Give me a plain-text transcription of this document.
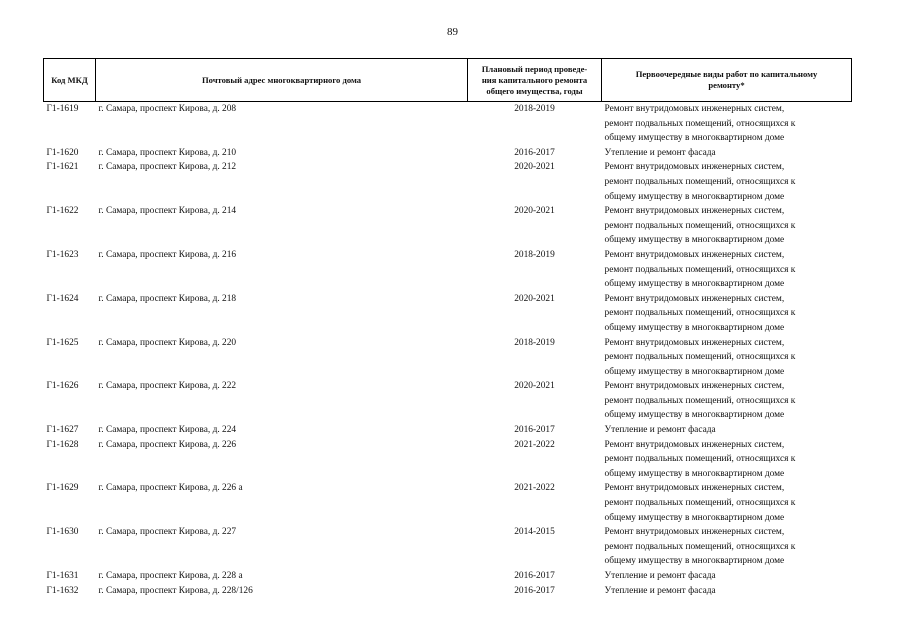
89
Код МКД	Почтовый адрес многоквартирного дома	Плановый период проведе-
ния капитального ремонта
общего имущества, годы	Первоочередные виды работ по капитальному
ремонту*
Г1-1619	г. Самара, проспект Кирова, д. 208	2018-2019	Ремонт внутридомовых инженерных систем,
ремонт подвальных помещений, относящихся к
общему имуществу в многоквартирном доме

Г1-1620	г. Самара, проспект Кирова, д. 210	2016-2017	Утепление и ремонт фасада

Г1-1621	г. Самара, проспект Кирова, д. 212	2020-2021	Ремонт внутридомовых инженерных систем,
ремонт подвальных помещений, относящихся к
общему имуществу в многоквартирном доме

Г1-1622	г. Самара, проспект Кирова, д. 214	2020-2021	Ремонт внутридомовых инженерных систем,
ремонт подвальных помещений, относящихся к
общему имуществу в многоквартирном доме

Г1-1623	г. Самара, проспект Кирова, д. 216	2018-2019	Ремонт внутридомовых инженерных систем,
ремонт подвальных помещений, относящихся к
общему имуществу в многоквартирном доме

Г1-1624	г. Самара, проспект Кирова, д. 218	2020-2021	Ремонт внутридомовых инженерных систем,
ремонт подвальных помещений, относящихся к
общему имуществу в многоквартирном доме

Г1-1625	г. Самара, проспект Кирова, д. 220	2018-2019	Ремонт внутридомовых инженерных систем,
ремонт подвальных помещений, относящихся к
общему имуществу в многоквартирном доме

Г1-1626	г. Самара, проспект Кирова, д. 222	2020-2021	Ремонт внутридомовых инженерных систем,
ремонт подвальных помещений, относящихся к
общему имуществу в многоквартирном доме

Г1-1627	г. Самара, проспект Кирова, д. 224	2016-2017	Утепление и ремонт фасада

Г1-1628	г. Самара, проспект Кирова, д. 226	2021-2022	Ремонт внутридомовых инженерных систем,
ремонт подвальных помещений, относящихся к
общему имуществу в многоквартирном доме

Г1-1629	г. Самара, проспект Кирова, д. 226 а	2021-2022	Ремонт внутридомовых инженерных систем,
ремонт подвальных помещений, относящихся к
общему имуществу в многоквартирном доме

Г1-1630	г. Самара, проспект Кирова, д. 227	2014-2015	Ремонт внутридомовых инженерных систем,
ремонт подвальных помещений, относящихся к
общему имуществу в многоквартирном доме

Г1-1631	г. Самара, проспект Кирова, д. 228 а	2016-2017	Утепление и ремонт фасада

Г1-1632	г. Самара, проспект Кирова, д. 228/126	2016-2017	Утепление и ремонт фасада
